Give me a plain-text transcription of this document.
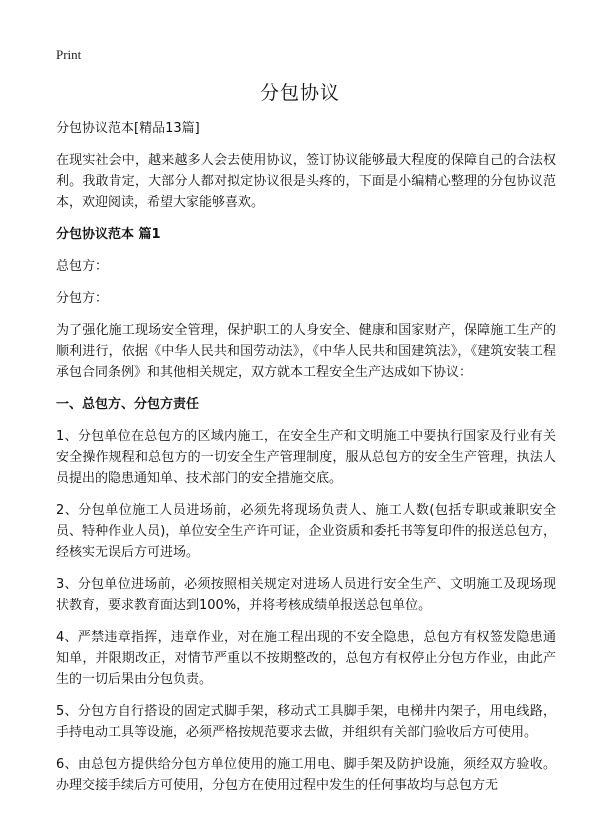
Print
分包协议

分包协议范本[精品13篇]

在现实社会中，越来越多人会去使用协议，签订协议能够最大程度的保障自己的合法权利。我敢肯定，大部分人都对拟定协议很是头疼的，下面是小编精心整理的分包协议范本，欢迎阅读，希望大家能够喜欢。

分包协议范本 篇1

总包方：

分包方：

为了强化施工现场安全管理，保护职工的人身安全、健康和国家财产，保障施工生产的顺利进行，依据《中华人民共和国劳动法》，《中华人民共和国建筑法》，《建筑安装工程承包合同条例》和其他相关规定，双方就本工程安全生产达成如下协议：

一、总包方、分包方责任

1、分包单位在总包方的区域内施工，在安全生产和文明施工中要执行国家及行业有关安全操作规程和总包方的一切安全生产管理制度，服从总包方的安全生产管理，执法人员提出的隐患通知单、技术部门的安全措施交底。

2、分包单位施工人员进场前，必须先将现场负责人、施工人数(包括专职或兼职安全员、特种作业人员)，单位安全生产许可证，企业资质和委托书等复印件的报送总包方，经核实无误后方可进场。

3、分包单位进场前，必须按照相关规定对进场人员进行安全生产、文明施工及现场现状教育，要求教育面达到100%，并将考核成绩单报送总包单位。

4、严禁违章指挥，违章作业，对在施工程出现的不安全隐患，总包方有权签发隐患通知单，并限期改正，对情节严重以不按期整改的，总包方有权停止分包方作业，由此产生的一切后果由分包负责。

5、分包方自行搭设的固定式脚手架，移动式工具脚手架，电梯井内架子，用电线路，手持电动工具等设施，必须严格按规范要求去做，并组织有关部门验收后方可使用。

6、由总包方提供给分包方单位使用的施工用电、脚手架及防护设施，须经双方验收。办理交接手续后方可使用，分包方在使用过程中发生的任何事故均与总包方无
